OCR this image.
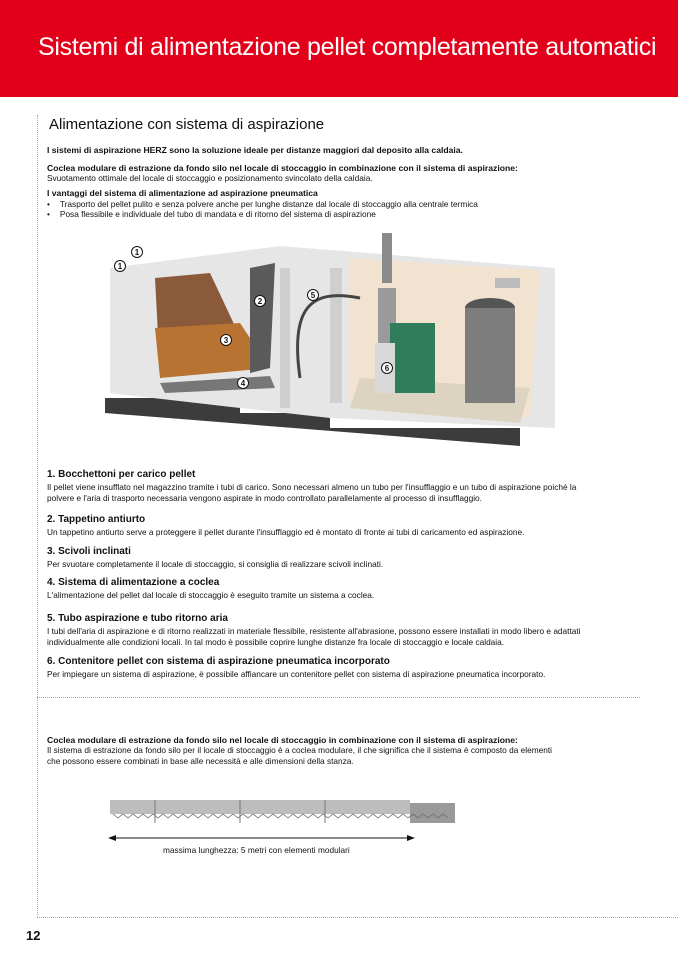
Sistemi di alimentazione pellet completamente automatici
Alimentazione con sistema di aspirazione
I sistemi di aspirazione HERZ sono la soluzione ideale per distanze maggiori dal deposito alla caldaia.
Coclea modulare di estrazione da fondo silo nel locale di stoccaggio in combinazione con il sistema di aspirazione:
Svuotamento ottimale del locale di stoccaggio e posizionamento svincolato della caldaia.
I vantaggi del sistema di alimentazione ad aspirazione pneumatica
• Trasporto del pellet pulito e senza polvere anche per lunghe distanze dal locale di stoccaggio alla centrale termica
• Posa flessibile e individuale del tubo di mandata e di ritorno del sistema di aspirazione
1
1
2
3
4
5
6
1. Bocchettoni per carico pellet
Il pellet viene insufflato nel magazzino tramite i tubi di carico. Sono necessari almeno un tubo per l'insufflaggio e un tubo di aspirazione poiché la
polvere e l'aria di trasporto necessaria vengono aspirate in modo controllato parallelamente al processo di insufflaggio.
2. Tappetino antiurto
Un tappetino antiurto serve a proteggere il pellet durante l'insufflaggio ed è montato di fronte ai tubi di caricamento ed aspirazione.
3. Scivoli inclinati
Per svuotare completamente il locale di stoccaggio, si consiglia di realizzare scivoli inclinati.
4. Sistema di alimentazione a coclea
L'alimentazione del pellet dal locale di stoccaggio è eseguito tramite un sistema a coclea.
5. Tubo aspirazione e tubo ritorno aria
I tubi dell'aria di aspirazione e di ritorno realizzati in materiale flessibile, resistente all'abrasione, possono essere installati in modo libero e adattati
individualmente alle condizioni locali. In tal modo è possibile coprire lunghe distanze fra locale di stoccaggio e locale caldaia.
6. Contenitore pellet con sistema di aspirazione pneumatica incorporato
Per impiegare un sistema di aspirazione, è possibile affiancare un contenitore pellet con sistema di aspirazione pneumatica incorporato.
Coclea modulare di estrazione da fondo silo nel locale di stoccaggio in combinazione con il sistema di aspirazione:
Il sistema di estrazione da fondo silo per il locale di stoccaggio è a coclea modulare, il che significa che il sistema è composto da elementi
che possono essere combinati in base alle necessità e alle dimensioni della stanza.
massima lunghezza: 5 metri con elementi modulari
12
